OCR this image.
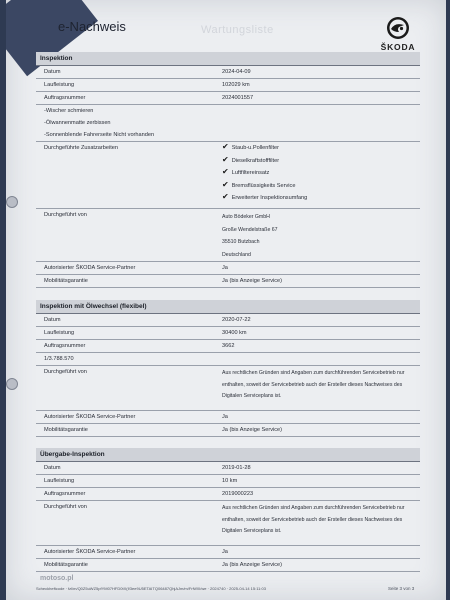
e-Nachweis	Wartungsliste
ŠKODA
Inspektion
Datum	2024-04-09
Laufleistung	102029 km
Auftragsnummer	2024001557
-Wischer schmieren
-Ölwannenmatte zerbissen
-Sonnenblende Fahrerseite Nicht vorhanden
Durchgeführte Zusatzarbeiten	✔ Staub-u.Pollenfilter
✔ Dieselkraftstofffilter
✔ Luftfiltereinsatz
✔ Bremsflüssigkeits Service
✔ Erweiterter Inspektionsumfang
Durchgeführt von	Auto Bödeker GmbH
Große Wendelstraße 67
35510 Butzbach
Deutschland
Autorisierter ŠKODA Service-Partner	Ja
Mobilitätsgarantie	Ja (bis Anzeige Service)
Inspektion mit Ölwechsel (flexibel)
Datum	2020-07-22
Laufleistung	30400 km
Auftragsnummer	3662
1/3.788.570
Durchgeführt von	Aus rechtlichen Gründen sind Angaben zum durchführenden Servicebetrieb nur enthalten, soweit der Servicebetrieb auch der Ersteller dieses Nachweises des Digitalen Serviceplans ist.
Autorisierter ŠKODA Service-Partner	Ja
Mobilitätsgarantie	Ja (bis Anzeige Service)
Übergabe-Inspektion
Datum	2019-01-28
Laufleistung	10 km
Auftragsnummer	2019000223
Durchgeführt von	Aus rechtlichen Gründen sind Angaben zum durchführenden Servicebetrieb nur enthalten, soweit der Servicebetrieb auch der Ersteller dieses Nachweises des Digitalen Serviceplans ist.
Autorisierter ŠKODA Service-Partner	Ja
Mobilitätsgarantie	Ja (bis Anzeige Service)
motoso.pl
Scheckheftcode · fzl/m/Q0Z5uWZ5pfYM07HFD0tX(f/3ee9U5ETAITQ06487QhjAJm/m/FrNfXl/we · 2024740 · 2025-04-14 15:11:03	Seite 3 von 3
